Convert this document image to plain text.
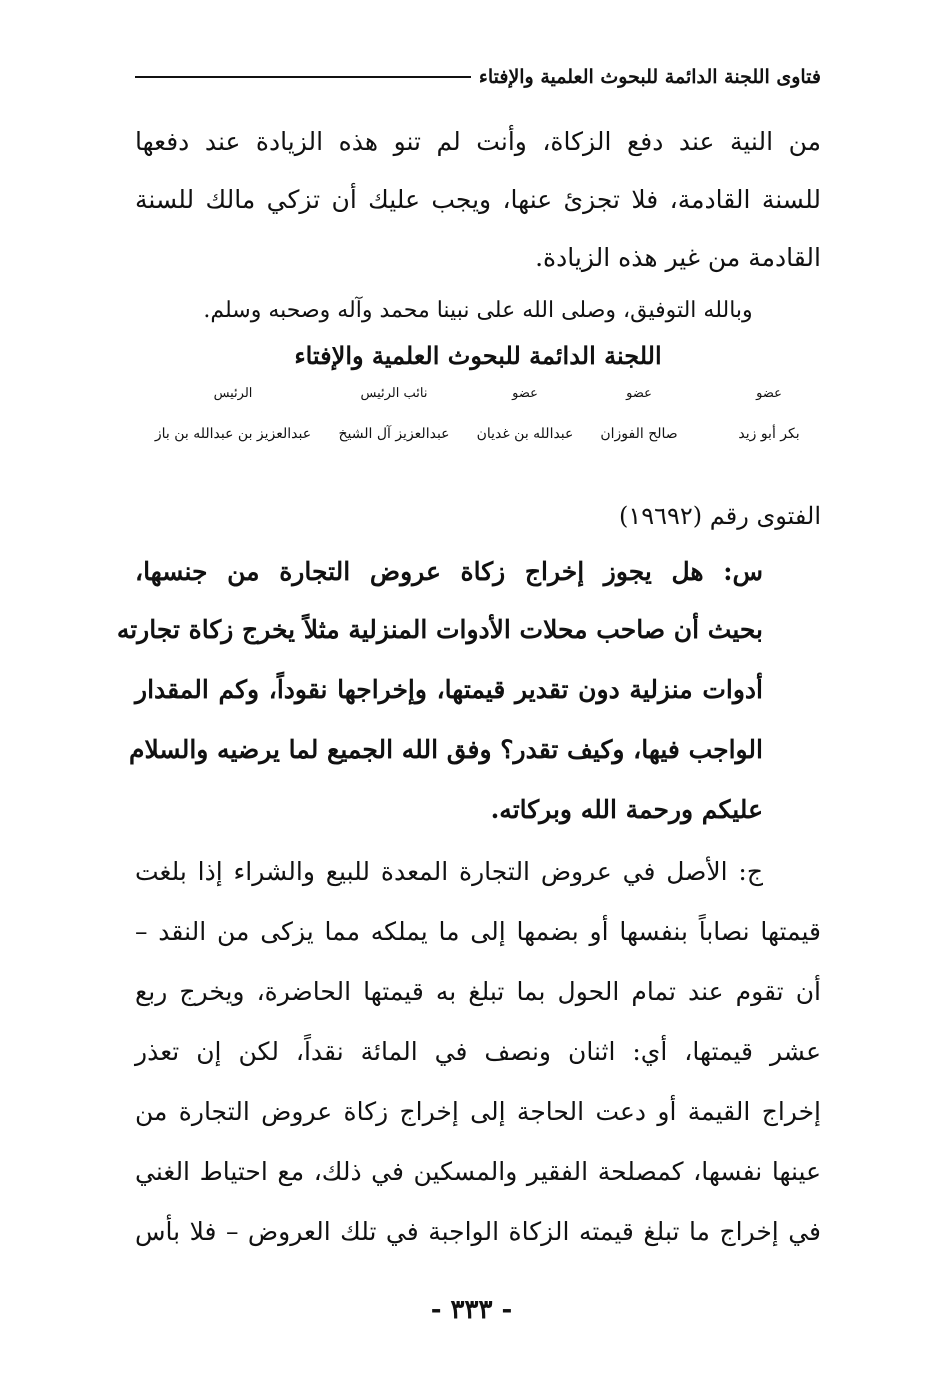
فتاوى اللجنة الدائمة للبحوث العلمية والإفتاء
من النية عند دفع الزكاة، وأنت لم تنو هذه الزيادة عند دفعها
للسنة القادمة، فلا تجزئ عنها، ويجب عليك أن تزكي مالك للسنة
القادمة من غير هذه الزيادة.
وبالله التوفيق، وصلى الله على نبينا محمد وآله وصحبه وسلم.
اللجنة الدائمة للبحوث العلمية والإفتاء
الرئيس
عبدالعزيز بن عبدالله بن باز
نائب الرئيس
عبدالعزيز آل الشيخ
عضو
عبدالله بن غديان
عضو
صالح الفوزان
عضو
بكر أبو زيد
الفتوى رقم (١٩٦٩٢)
س: هل يجوز إخراج زكاة عروض التجارة من جنسها،
بحيث أن صاحب محلات الأدوات المنزلية مثلاً يخرج زكاة تجارته
أدوات منزلية دون تقدير قيمتها، وإخراجها نقوداً، وكم المقدار
الواجب فيها، وكيف تقدر؟ وفق الله الجميع لما يرضيه والسلام
عليكم ورحمة الله وبركاته.
ج: الأصل في عروض التجارة المعدة للبيع والشراء إذا بلغت
قيمتها نصاباً بنفسها أو بضمها إلى ما يملكه مما يزكى من النقد –
أن تقوم عند تمام الحول بما تبلغ به قيمتها الحاضرة، ويخرج ربع
عشر قيمتها، أي: اثنان ونصف في المائة نقداً، لكن إن تعذر
إخراج القيمة أو دعت الحاجة إلى إخراج زكاة عروض التجارة من
عينها نفسها، كمصلحة الفقير والمسكين في ذلك، مع احتياط الغني
في إخراج ما تبلغ قيمته الزكاة الواجبة في تلك العروض – فلا بأس
- ٣٣٣ -
